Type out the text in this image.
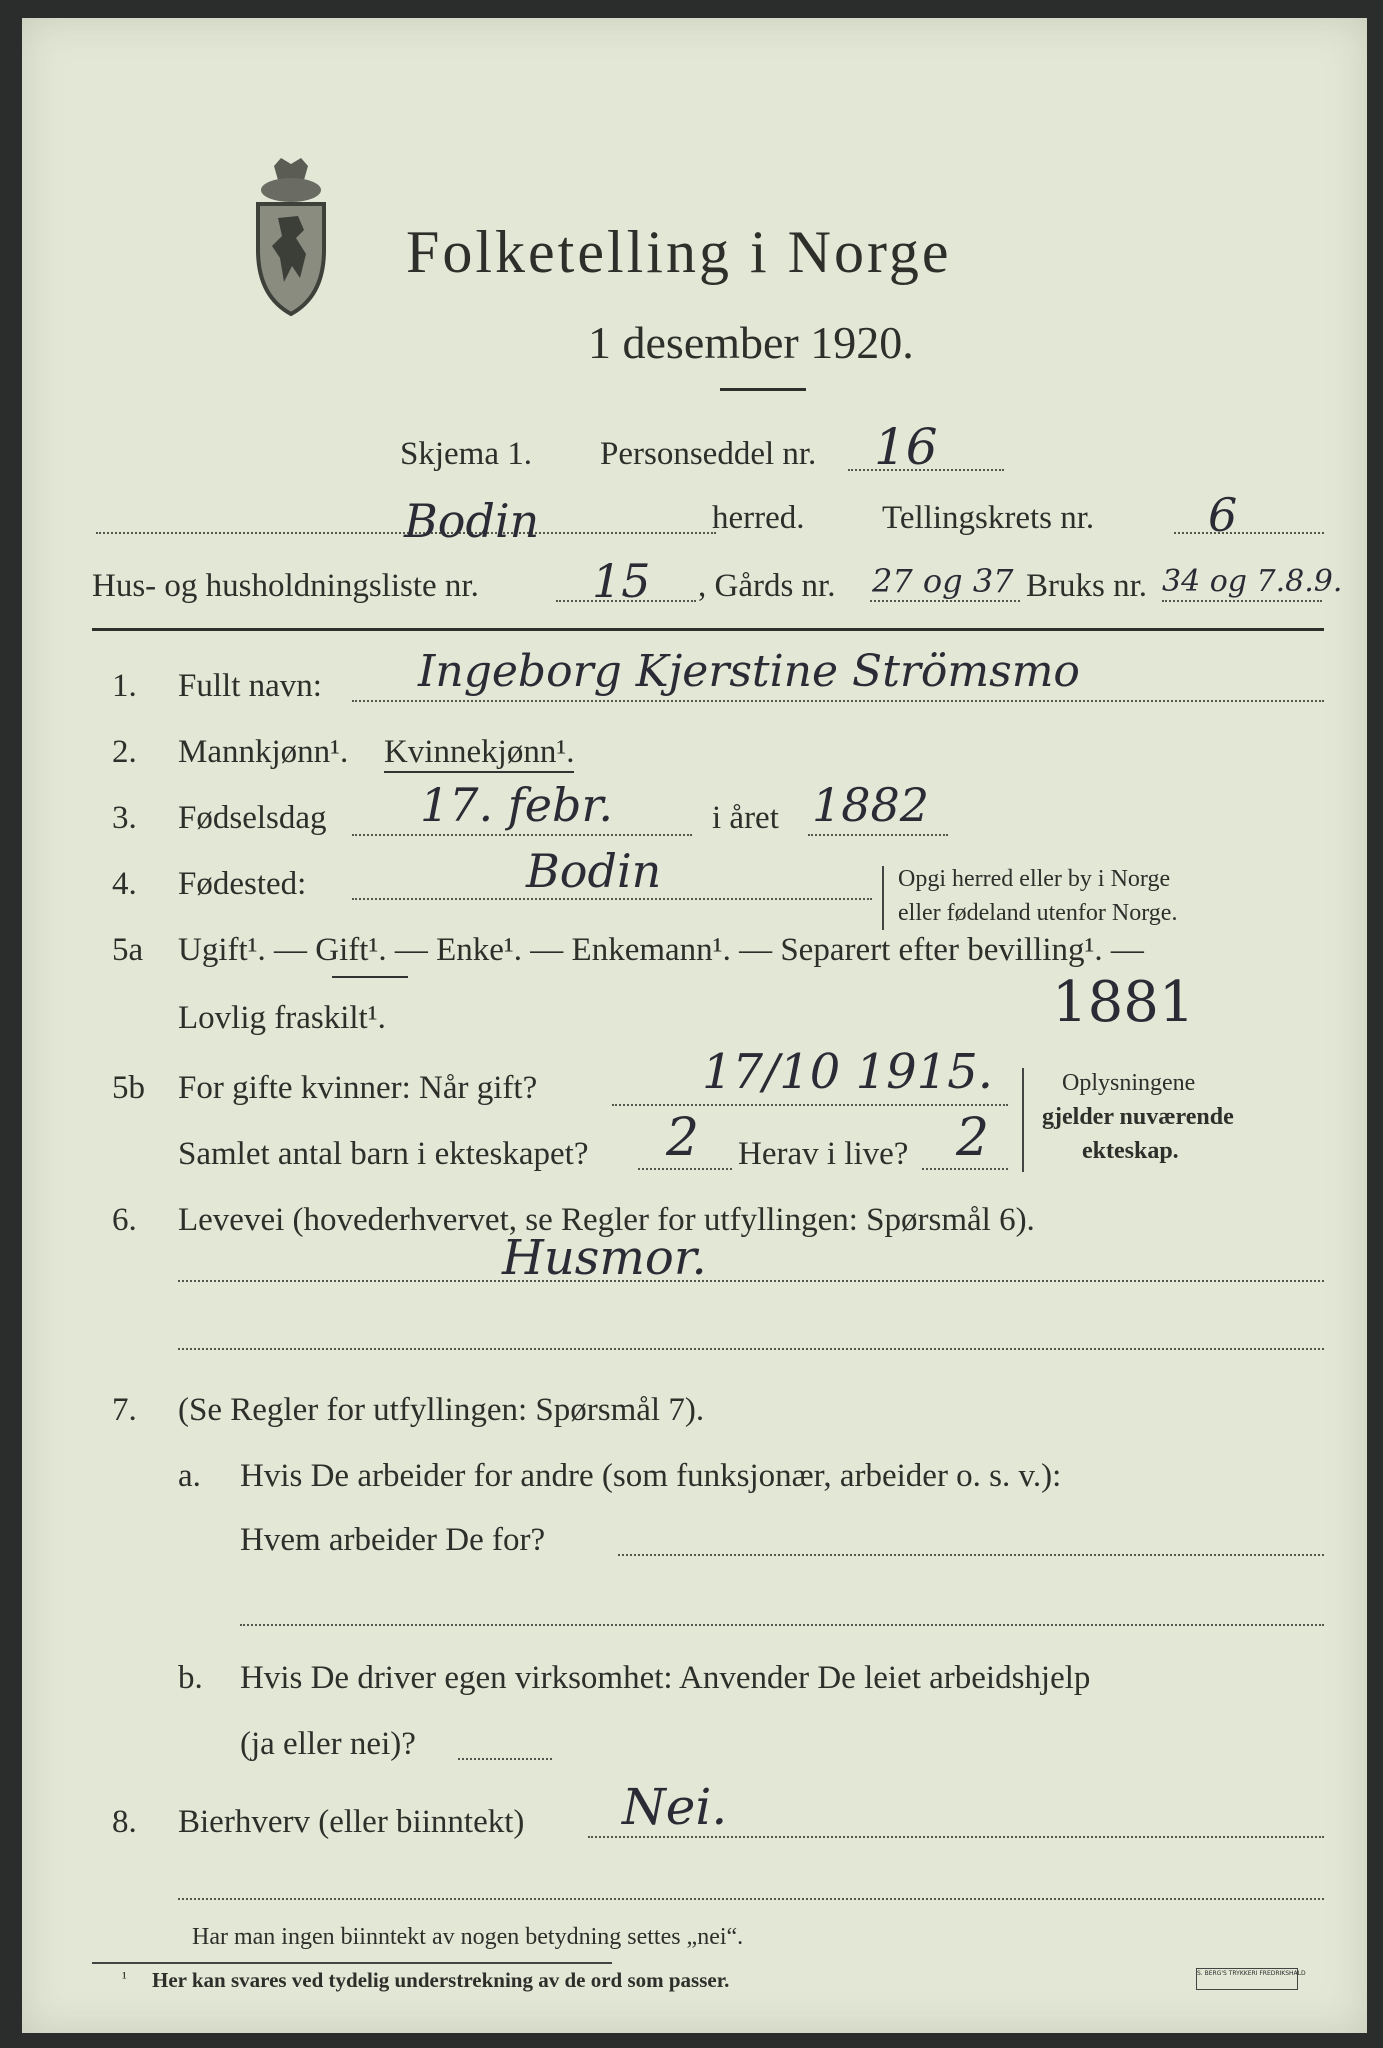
Folketelling i Norge
1 desember 1920.
Skjema 1. Personseddel nr. 16
Bodin	herred. Tellingskrets nr. 6
Hus- og husholdningsliste nr. 15 , Gårds nr. 27 og 37 Bruks nr. 34 og 7.8.9.
1. Fullt navn: Ingeborg Kjerstine Strömsmo
2. Mannkjønn¹. Kvinnekjønn¹.
3. Fødselsdag 17. febr.	i året 1882
4. Fødested:	Bodin	Opgi herred eller by i Norge
eller fødeland utenfor Norge.
5a Ugift¹. — Gift¹. — Enke¹. — Enkemann¹. — Separert efter bevilling¹. —
Lovlig fraskilt¹.	1881
5b For gifte kvinner: Når gift?	17/10 1915.
Samlet antal barn i ekteskapet? 2 Herav i live? 2
Oplysningene
gjelder nuværende
ekteskap.
6. Levevei (hovederhvervet, se Regler for utfyllingen: Spørsmål 6).
Husmor.
7. (Se Regler for utfyllingen: Spørsmål 7).
a. Hvis De arbeider for andre (som funksjonær, arbeider o. s. v.):
Hvem arbeider De for?
b. Hvis De driver egen virksomhet: Anvender De leiet arbeidshjelp
(ja eller nei)?
8. Bierhverv (eller biinntekt) Nei.
Har man ingen biinntekt av nogen betydning settes „nei“.
¹ Her kan svares ved tydelig understrekning av de ord som passer.	S. BERG'S TRYKKERI FREDRIKSHALD
